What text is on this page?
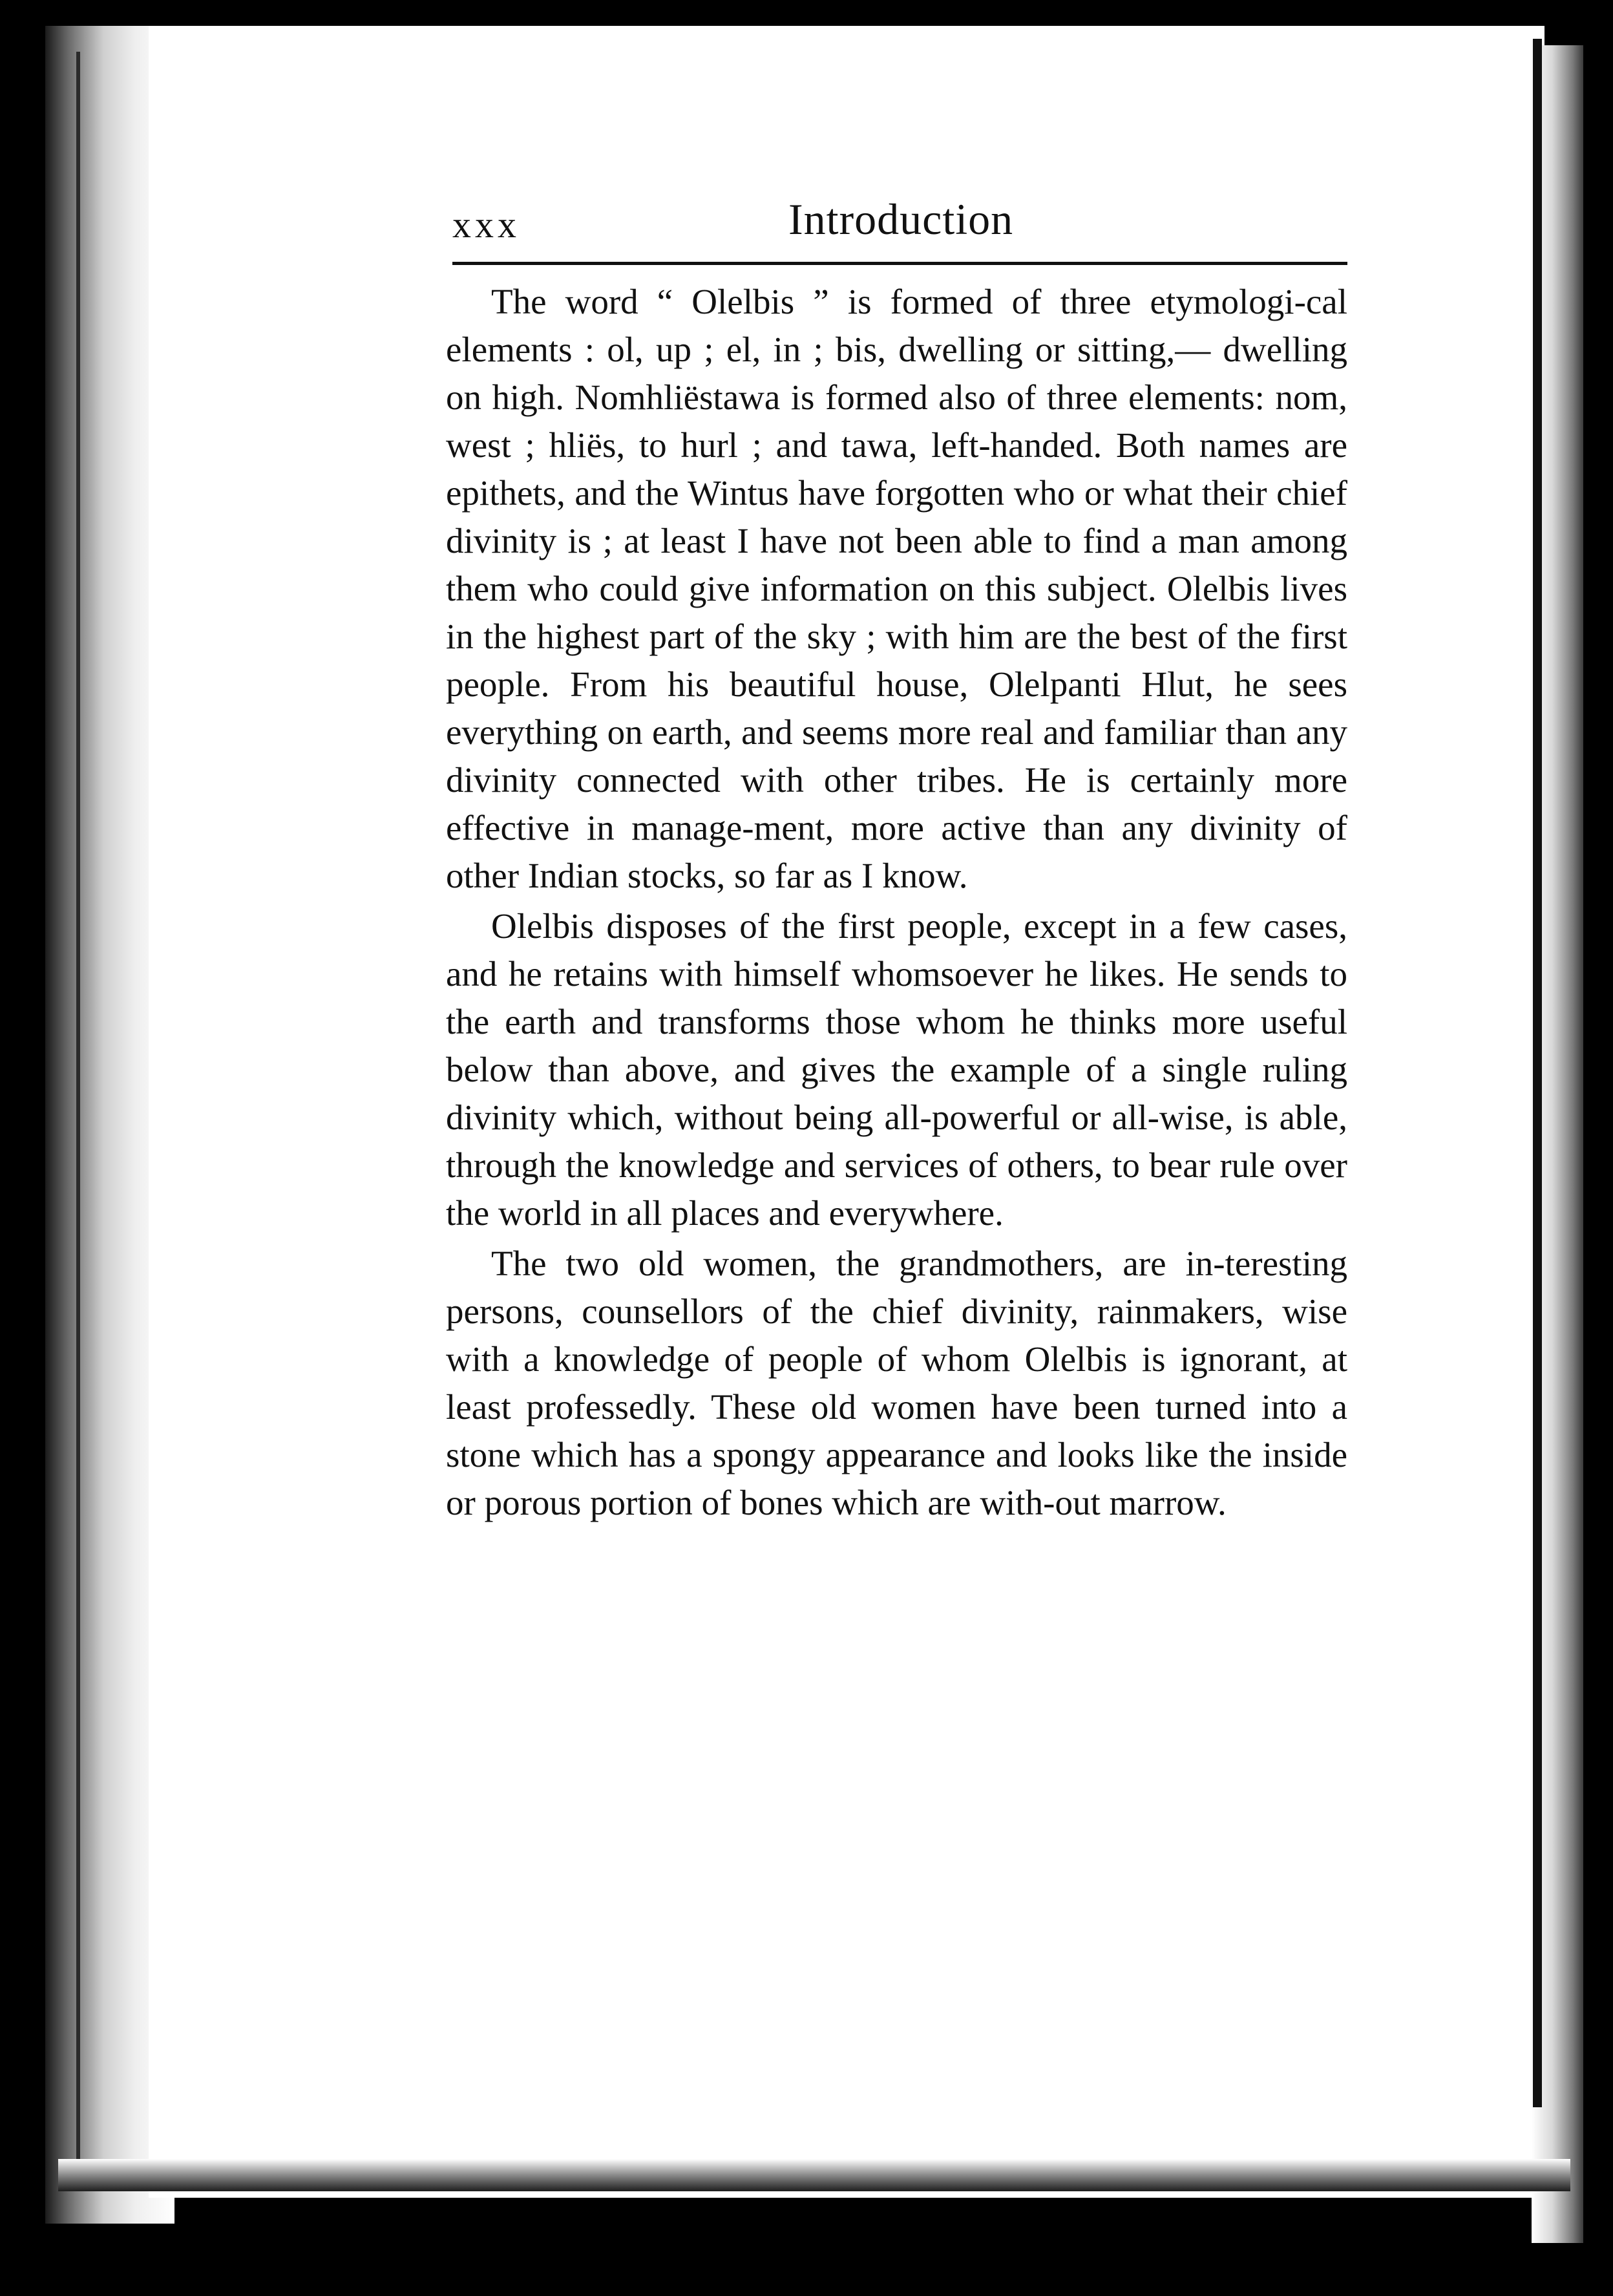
xxx	Introduction

The word “ Olelbis ” is formed of three etymologi-cal elements : ol, up ; el, in ; bis, dwelling or sitting,— dwelling on high. Nomhliëstawa is formed also of three elements: nom, west ; hliës, to hurl ; and tawa, left-handed. Both names are epithets, and the Wintus have forgotten who or what their chief divinity is ; at least I have not been able to find a man among them who could give information on this subject. Olelbis lives in the highest part of the sky ; with him are the best of the first people. From his beautiful house, Olelpanti Hlut, he sees everything on earth, and seems more real and familiar than any divinity connected with other tribes. He is certainly more effective in manage-ment, more active than any divinity of other Indian stocks, so far as I know.

Olelbis disposes of the first people, except in a few cases, and he retains with himself whomsoever he likes. He sends to the earth and transforms those whom he thinks more useful below than above, and gives the example of a single ruling divinity which, without being all-powerful or all-wise, is able, through the knowledge and services of others, to bear rule over the world in all places and everywhere.

The two old women, the grandmothers, are in-teresting persons, counsellors of the chief divinity, rainmakers, wise with a knowledge of people of whom Olelbis is ignorant, at least professedly. These old women have been turned into a stone which has a spongy appearance and looks like the inside or porous portion of bones which are with-out marrow.
